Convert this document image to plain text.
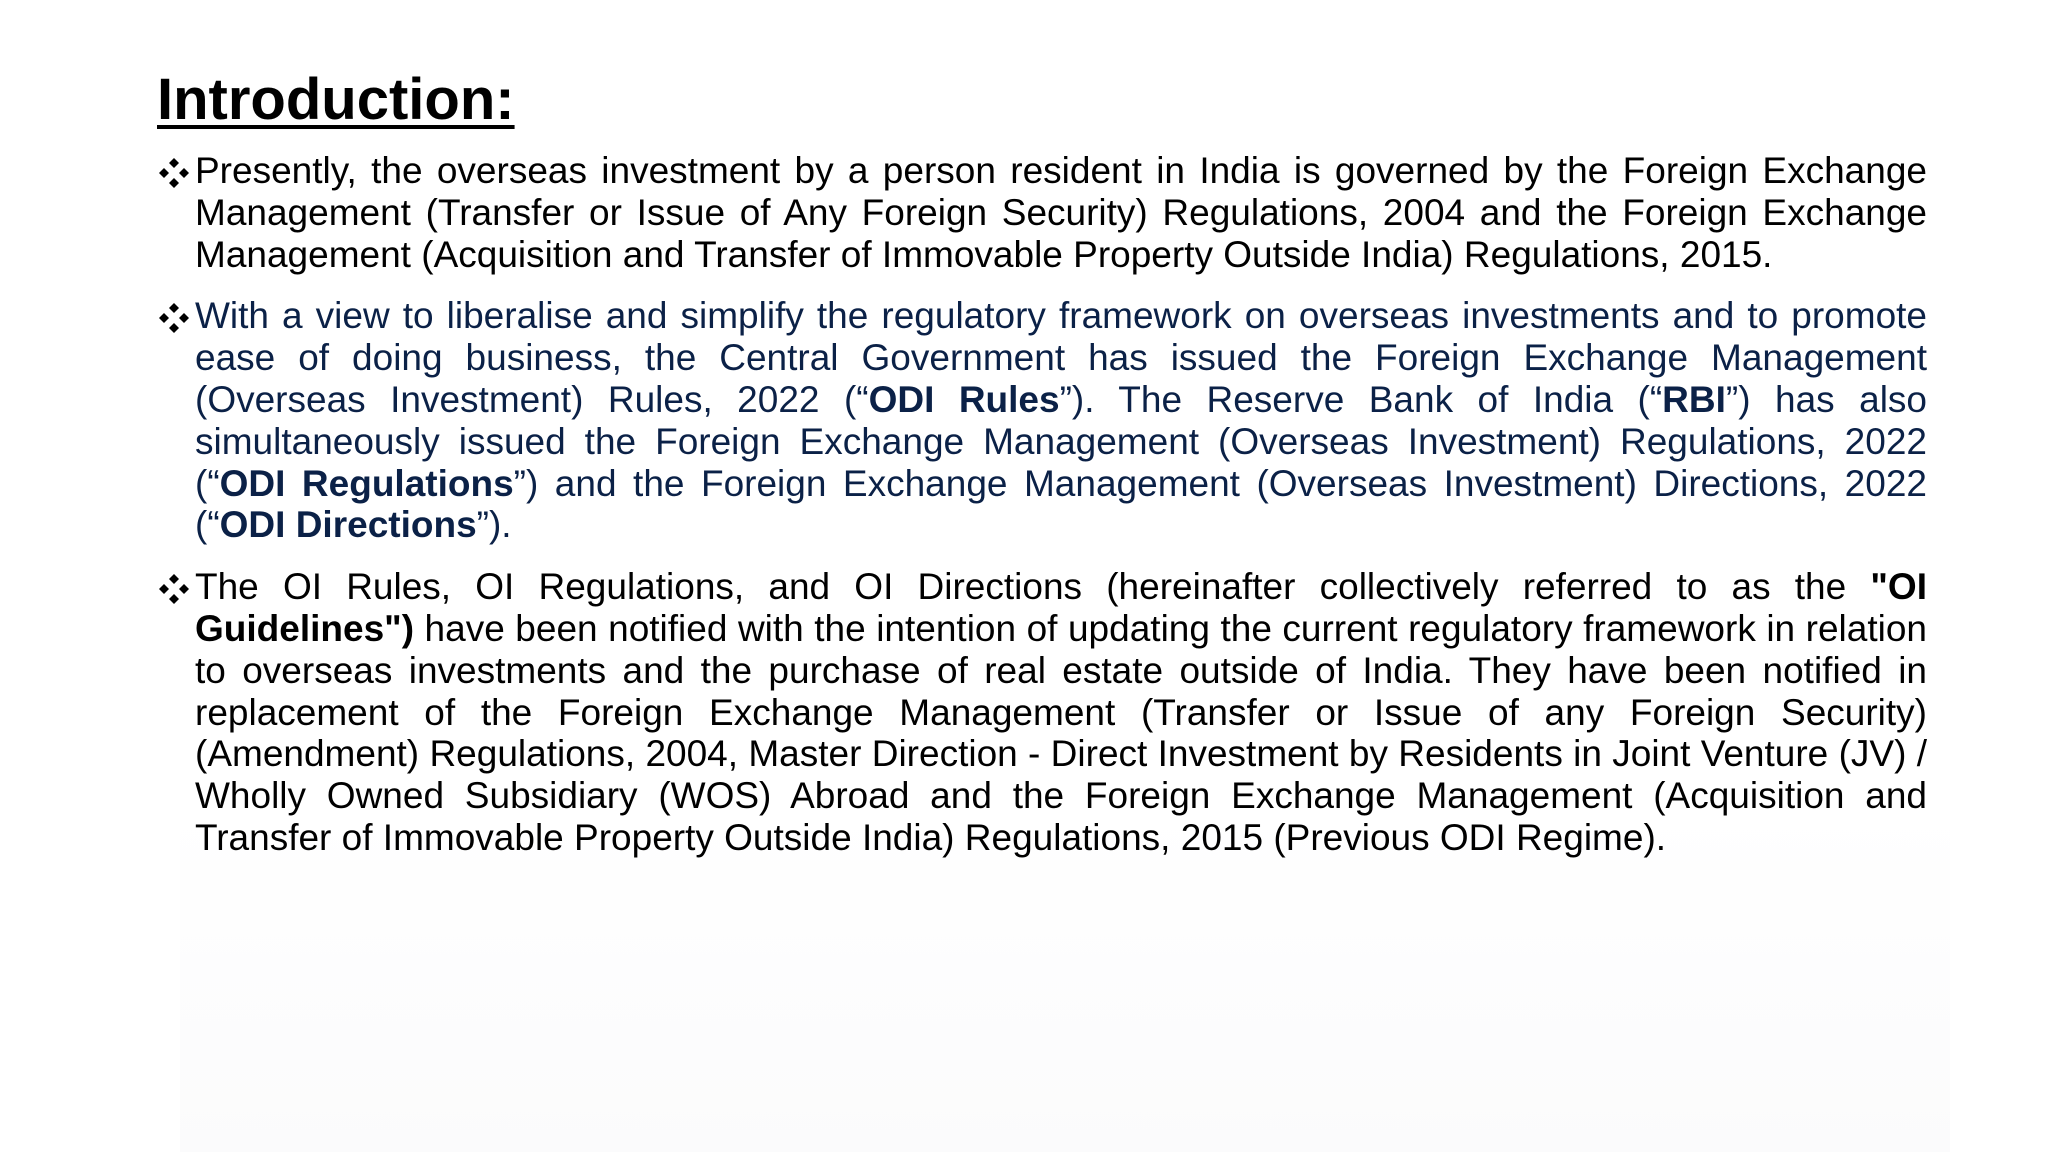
Introduction:

Presently, the overseas investment by a person resident in India is governed by the Foreign Exchange Management (Transfer or Issue of Any Foreign Security) Regulations, 2004 and the Foreign Exchange Management (Acquisition and Transfer of Immovable Property Outside India) Regulations, 2015.

With a view to liberalise and simplify the regulatory framework on overseas investments and to promote ease of doing business, the Central Government has issued the Foreign Exchange Management (Overseas Investment) Rules, 2022 (“ODI Rules”). The Reserve Bank of India (“RBI”) has also simultaneously issued the Foreign Exchange Management (Overseas Investment) Regulations, 2022 (“ODI Regulations”) and the Foreign Exchange Management (Overseas Investment) Directions, 2022 (“ODI Directions”).

The OI Rules, OI Regulations, and OI Directions (hereinafter collectively referred to as the "OI Guidelines") have been notified with the intention of updating the current regulatory framework in relation to overseas investments and the purchase of real estate outside of India. They have been notified in replacement of the Foreign Exchange Management (Transfer or Issue of any Foreign Security) (Amendment) Regulations, 2004, Master Direction - Direct Investment by Residents in Joint Venture (JV) / Wholly Owned Subsidiary (WOS) Abroad and the Foreign Exchange Management (Acquisition and Transfer of Immovable Property Outside India) Regulations, 2015 (Previous ODI Regime).
